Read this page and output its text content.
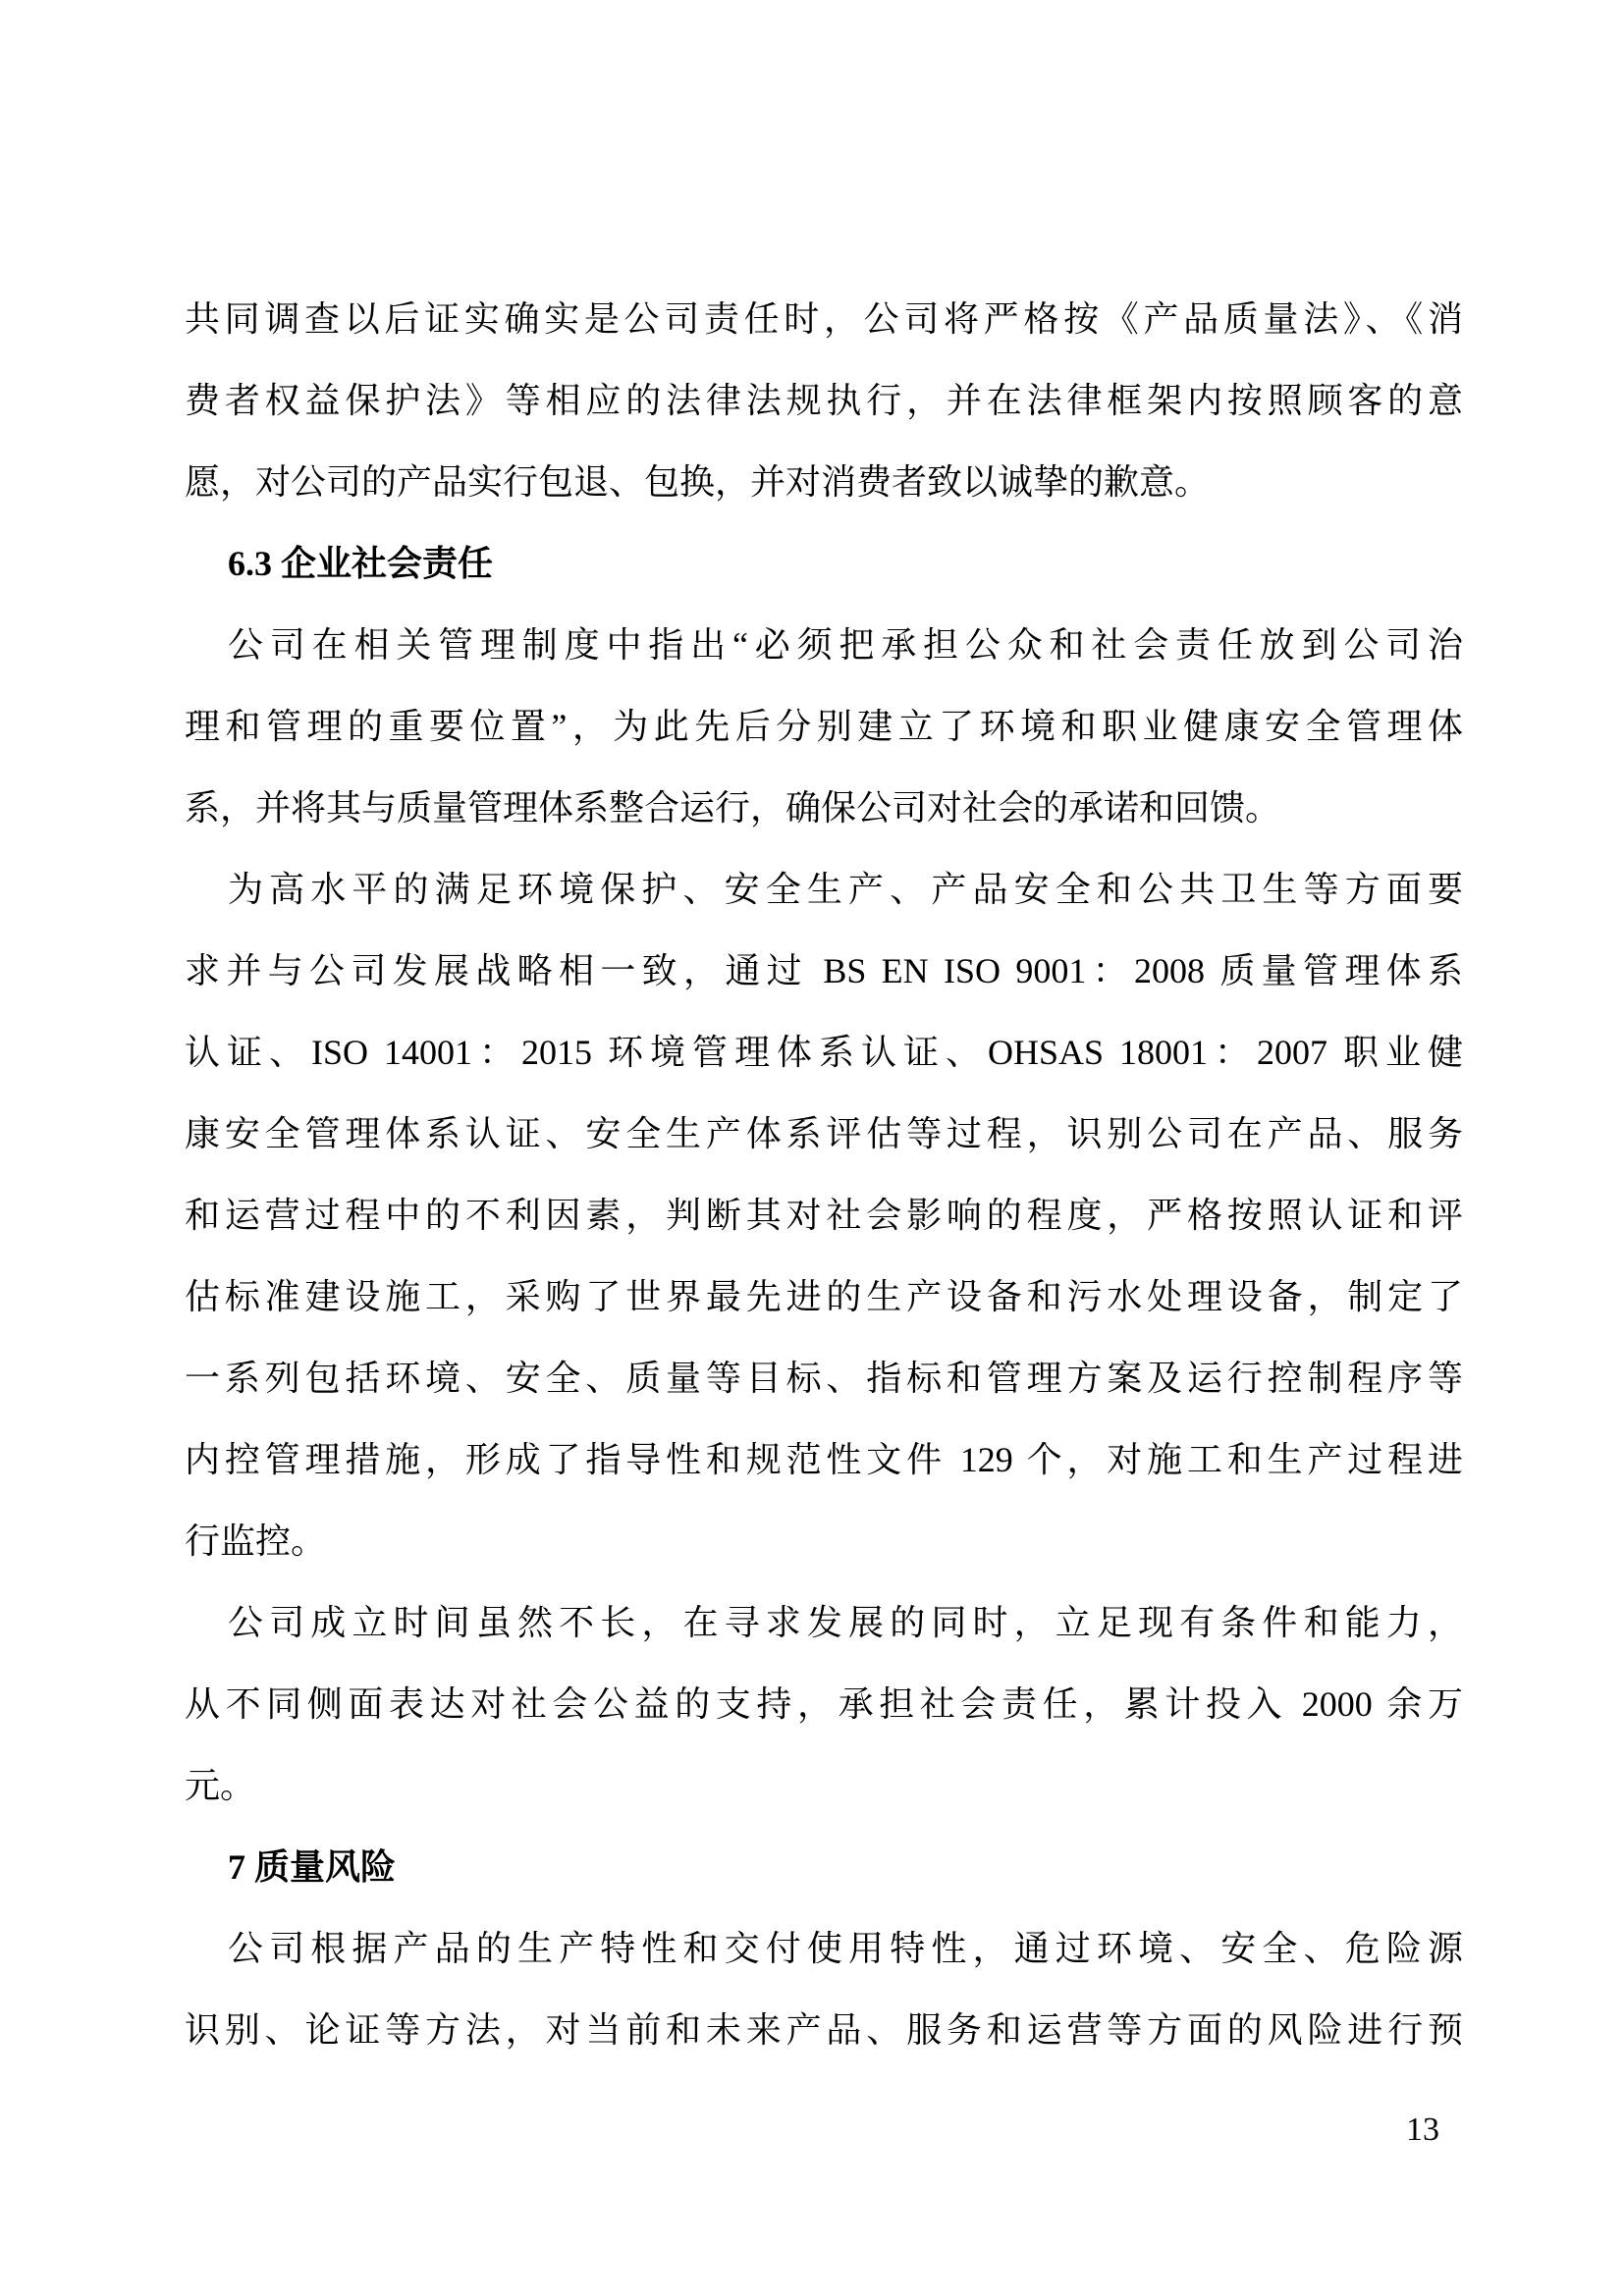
共同调查以后证实确实是公司责任时，公司将严格按《产品质量法》、《消
费者权益保护法》等相应的法律法规执行，并在法律框架内按照顾客的意
愿，对公司的产品实行包退、包换，并对消费者致以诚挚的歉意。
6.3 企业社会责任
公司在相关管理制度中指出“必须把承担公众和社会责任放到公司治
理和管理的重要位置”，为此先后分别建立了环境和职业健康安全管理体
系，并将其与质量管理体系整合运行，确保公司对社会的承诺和回馈。
为高水平的满足环境保护、安全生产、产品安全和公共卫生等方面要
求并与公司发展战略相一致，通过 BS EN ISO 9001：2008 质量管理体系
认证、ISO 14001：2015 环境管理体系认证、OHSAS 18001：2007 职业健
康安全管理体系认证、安全生产体系评估等过程，识别公司在产品、服务
和运营过程中的不利因素，判断其对社会影响的程度，严格按照认证和评
估标准建设施工，采购了世界最先进的生产设备和污水处理设备，制定了
一系列包括环境、安全、质量等目标、指标和管理方案及运行控制程序等
内控管理措施，形成了指导性和规范性文件 129 个，对施工和生产过程进
行监控。
公司成立时间虽然不长，在寻求发展的同时，立足现有条件和能力，
从不同侧面表达对社会公益的支持，承担社会责任，累计投入 2000 余万
元。
7 质量风险
公司根据产品的生产特性和交付使用特性，通过环境、安全、危险源
识别、论证等方法，对当前和未来产品、服务和运营等方面的风险进行预
13
